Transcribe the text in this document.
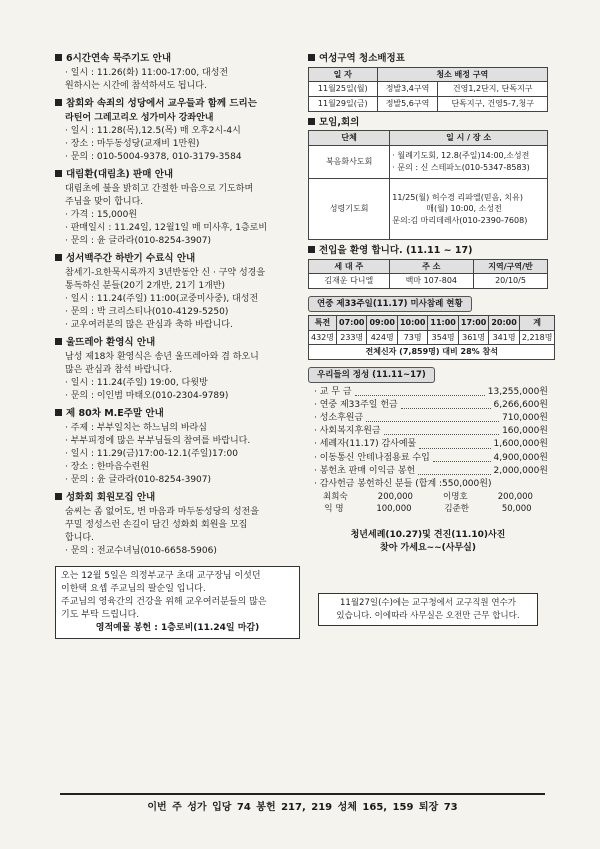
6시간연속 묵주기도 안내
· 일시 : 11.26(화) 11:00-17:00, 대성전
원하시는 시간에 참석하셔도 됩니다.
참회와 속죄의 성당에서 교우들과 함께 드리는
라틴어 그레고리오 성가미사 강좌안내
· 일시 : 11.28(목),12.5(목) 매 오후2시-4시
· 장소 : 마두동성당(교재비 1만원)
· 문의 : 010-5004-9378, 010-3179-3584
대림환(대림초) 판매 안내
대림초에 불을 밝히고 간절한 마음으로 기도하며
주님을 맞이 합니다.
· 가격 : 15,000원
· 판매일시 : 11.24일, 12월1일 매 미사후, 1층로비
· 문의 : 윤 글라라(010-8254-3907)
성서백주간 하반기 수료식 안내
참세기-요한묵시록까지 3년반동안 신 · 구약 성경을
통독하신 분들(20기 2개반, 21기 1개반)
· 일시 : 11.24(주일) 11:00(교중미사중), 대성전
· 문의 : 박 크리스티나(010-4129-5250)
· 교우여러분의 많은 관심과 축하 바랍니다.
울뜨레아 환영식 안내
남성 제18차 환영식은 송년 울뜨레아와 겸 하오니
많은 관심과 참석 바랍니다.
· 일시 : 11.24(주일) 19:00, 다윗방
· 문의 : 이인범 마태오(010-2304-9789)
제 80차 M.E주말 안내
· 주제 : 부부일치는 하느님의 바라심
· 부부피정에 많은 부부님들의 참여를 바랍니다.
· 일시 : 11.29(금)17:00-12.1(주일)17:00
· 장소 : 한마음수련원
· 문의 : 윤 글라라(010-8254-3907)
성화회 회원모집 안내
숨씨는 좀 없어도, 번 마음과 마두동성당의 성전을
꾸밀 정성스런 손길이 담긴 성화회 회원을 모집
합니다.
· 문의 : 전교수녀님(010-6658-5906)
오는 12월 5일은 의정부교구 초대 교구장님 이섯던
이한택 요셉 주교님의 팔순일 입니다.
주교님의 영육간의 건강을 위해 교우여러분들의 많은
기도 부탁 드립니다.
영적예물 봉헌 : 1층로비(11.24일 마감)
여성구역 청소배정표
일 자	청소 배정 구역	
11월25일(월)	정발3,4구역	건영1,2단지, 단독지구
11월29일(금)	정발5,6구역	단독지구, 건영5-7,청구
모임,회의
단체	일 시 / 장 소
북음화사도회	· 월례기도회, 12.8(주일)14:00,소성전
· 문의 : 신 스테파노(010-5347-8583)

성령기도회	11/25(월) 허수경 리파엘(믿음, 치유)
매(월) 10:00, 소성전
문의:김 마리데레사(010-2390-7608)
전입을 환영 합니다. (11.11 ~ 17)
세 대 주	주 소	지역/구역/반
김재운 다니엘	백마 107-804	20/10/5
연중 제33주일(11.17) 미사참례 현황
특전	07:00	09:00	10:00	11:00	17:00	20:00	계
432명	233명	424명	73명	354명	361명	341명	2,218명
전체신자 (7,859명) 대비 28% 참석							
우리들의 정성 (11.11~17)
· 교 무 금	13,255,000원
· 연중 제33주일 헌금	6,266,600원
· 성소후원금	710,000원
· 사회복지후원금	160,000원
· 세례자(11.17) 감사예물	1,600,000원
· 이동통신 안테나점용료 수입	4,900,000원
· 봉헌초 판매 이익금 봉헌	2,000,000원
· 감사헌금 봉헌하신 분들 (합계 :550,000원)
최희숙	200,000	이명호	200,000
익 명	100,000	김준한	50,000
청년세례(10.27)및 견진(11.10)사진
찾아 가세요~~(사무실)
11월27일(수)에는 교구청에서 교구직원 연수가
있습니다. 이에따라 사무실은 오전만 근무 합니다.
이번 주 성가 입당 74 봉헌 217, 219 성체 165, 159 퇴장 73
